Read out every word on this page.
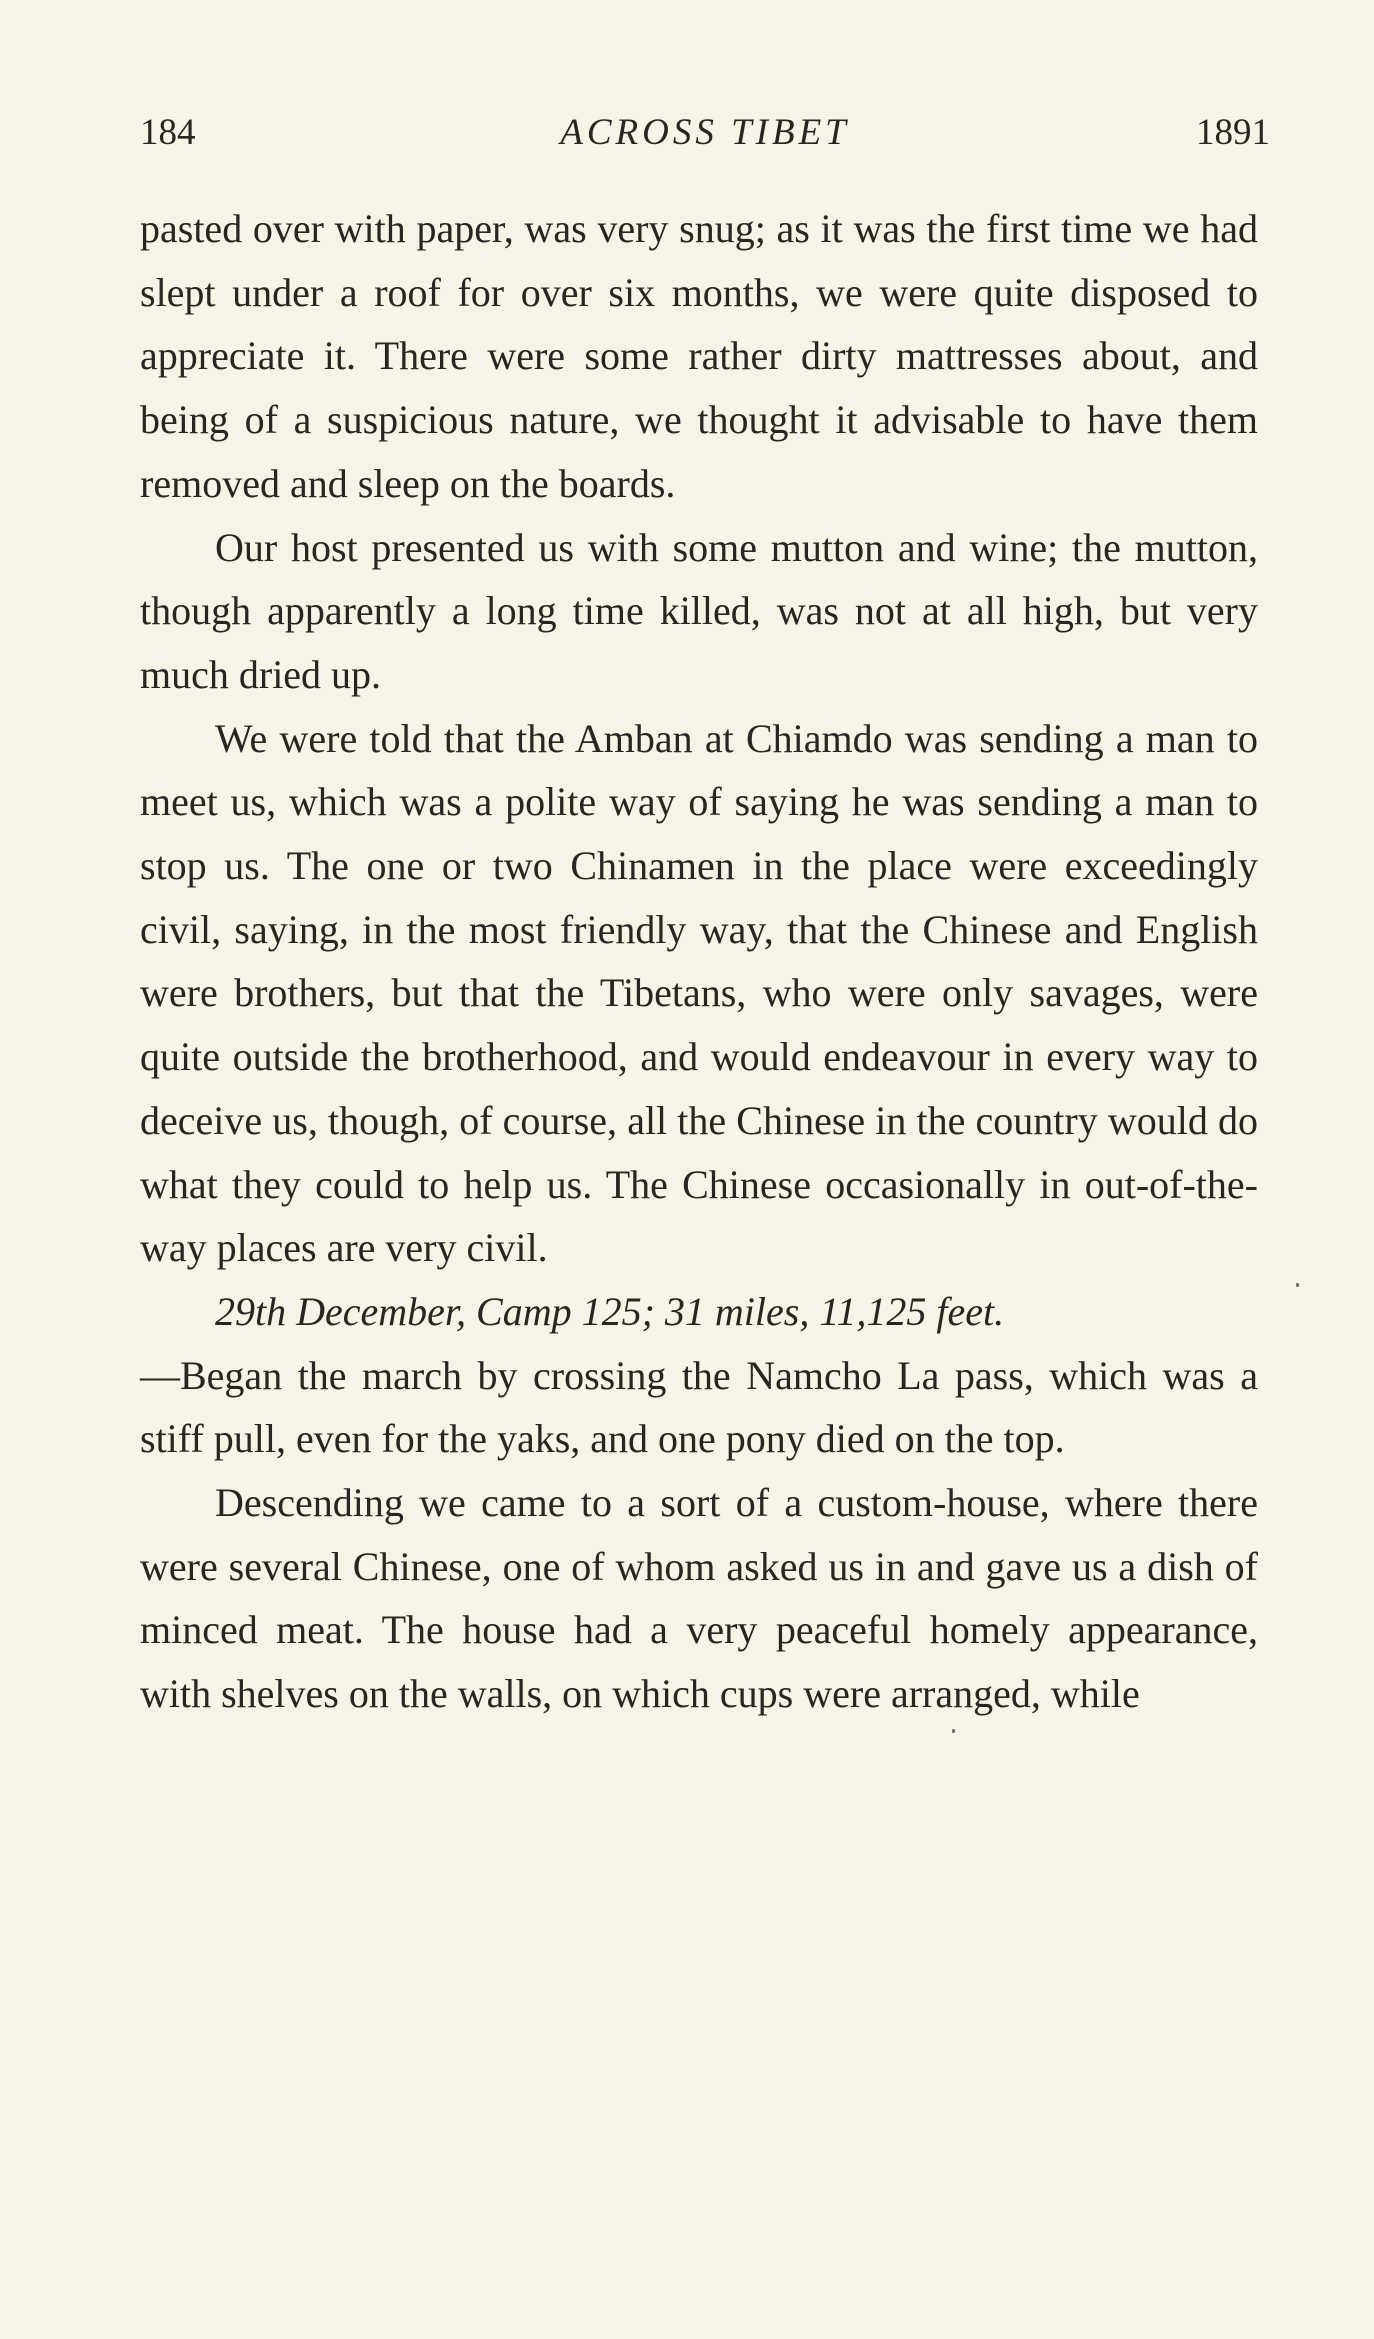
184	ACROSS TIBET	1891

pasted over with paper, was very snug; as it was the first time we had slept under a roof for over six months, we were quite disposed to appreciate it. There were some rather dirty mattresses about, and being of a suspicious nature, we thought it advisable to have them removed and sleep on the boards.

Our host presented us with some mutton and wine; the mutton, though apparently a long time killed, was not at all high, but very much dried up.

We were told that the Amban at Chiamdo was sending a man to meet us, which was a polite way of saying he was sending a man to stop us. The one or two Chinamen in the place were exceedingly civil, saying, in the most friendly way, that the Chinese and English were brothers, but that the Tibetans, who were only savages, were quite outside the brotherhood, and would endeavour in every way to deceive us, though, of course, all the Chinese in the country would do what they could to help us. The Chinese occasionally in out-of-the-way places are very civil.

29th December, Camp 125; 31 miles, 11,125 feet.
—Began the march by crossing the Namcho La pass, which was a stiff pull, even for the yaks, and one pony died on the top.

Descending we came to a sort of a custom-house, where there were several Chinese, one of whom asked us in and gave us a dish of minced meat. The house had a very peaceful homely appearance, with shelves on the walls, on which cups were arranged, while
